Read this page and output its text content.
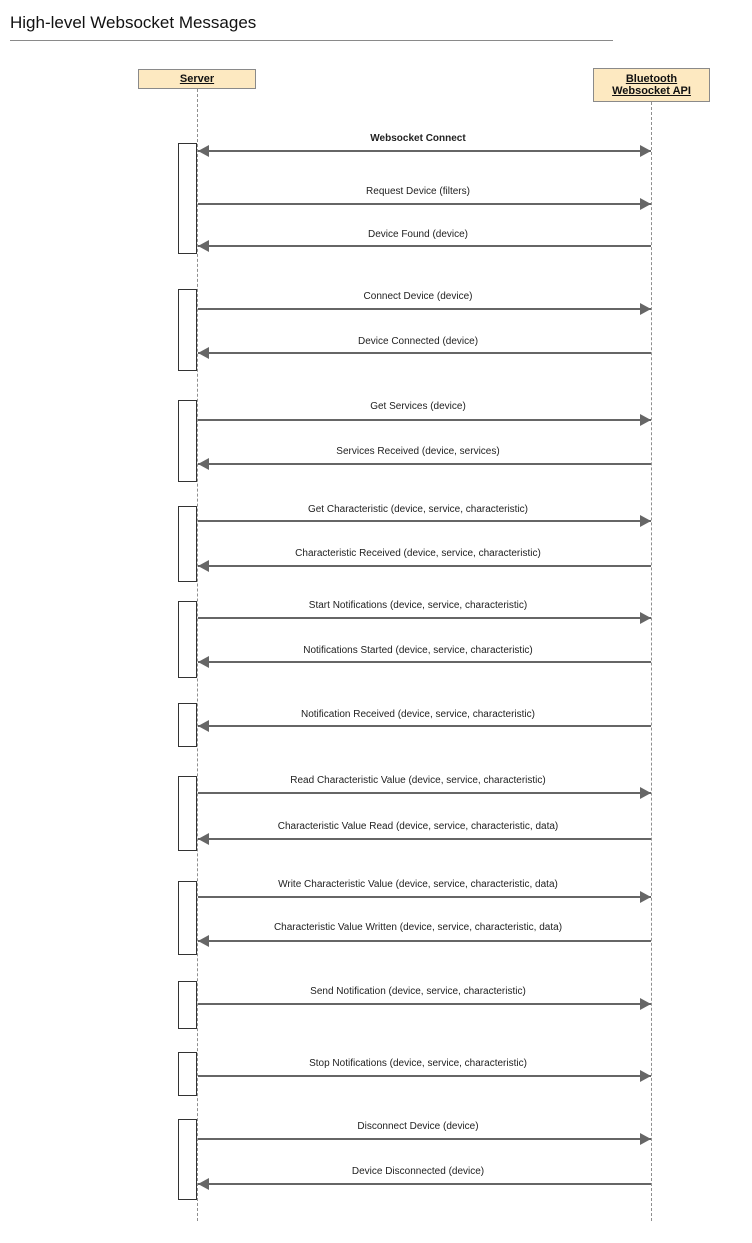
High-level Websocket Messages
Server	Bluetooth
Websocket API
Websocket Connect
Request Device (filters)
Device Found (device)
Connect Device (device)
Device Connected (device)
Get Services (device)
Services Received (device, services)
Get Characteristic (device, service, characteristic)
Characteristic Received (device, service, characteristic)
Start Notifications (device, service, characteristic)
Notifications Started (device, service, characteristic)
Notification Received (device, service, characteristic)
Read Characteristic Value (device, service, characteristic)
Characteristic Value Read (device, service, characteristic, data)
Write Characteristic Value (device, service, characteristic, data)
Characteristic Value Written (device, service, characteristic, data)
Send Notification (device, service, characteristic)
Stop Notifications (device, service, characteristic)
Disconnect Device (device)
Device Disconnected (device)
